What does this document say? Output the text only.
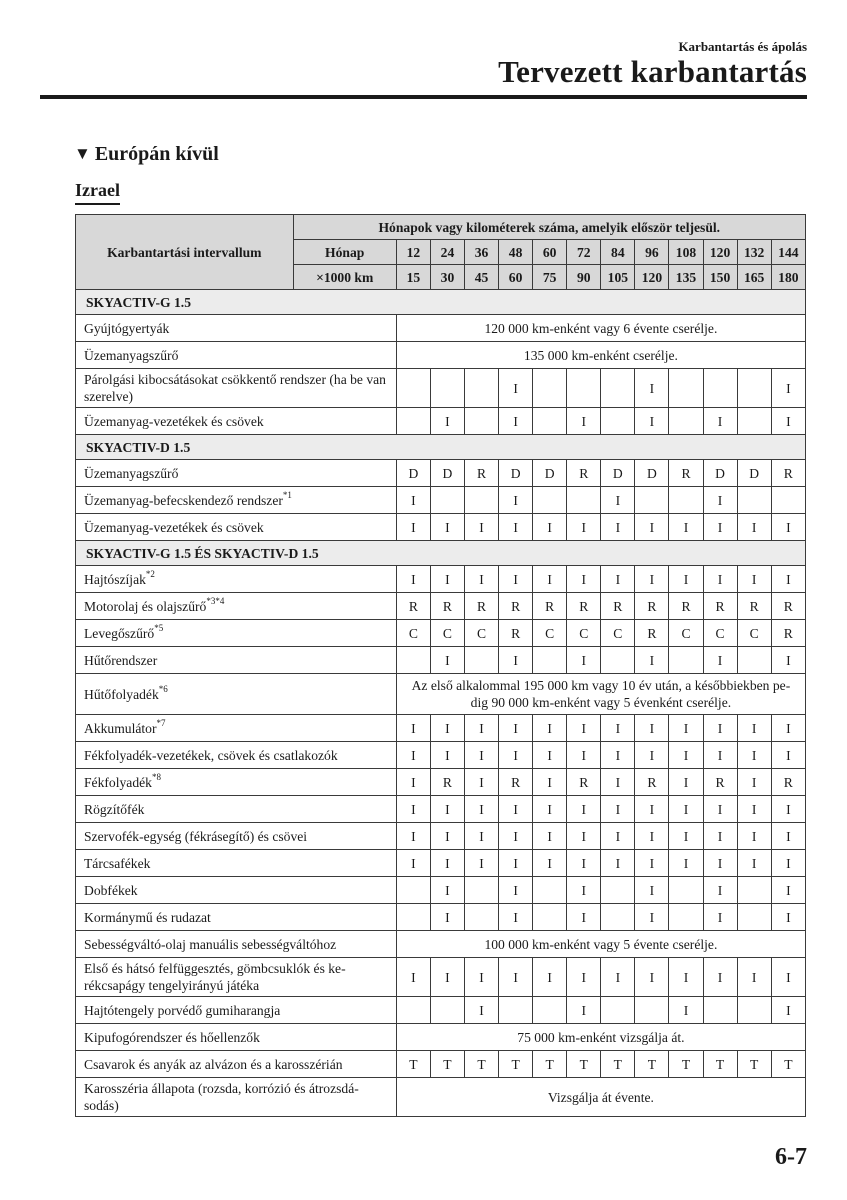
Karbantartás és ápolás
Tervezett karbantartás
▼ Európán kívül
Izrael
Karbantartási intervallum	Hónapok vagy kilométerek száma, amelyik először teljesül.												
	Hónap	12	24	36	48	60	72	84	96	108	120	132	144
	×1000 km	15	30	45	60	75	90	105	120	135	150	165	180
SKYACTIV-G 1.5													
Gyújtógyertyák		120 000 km-enként vagy 6 évente cserélje.											
Üzemanyagszűrő		135 000 km-enként cserélje.											
Párolgási kibocsátásokat csökkentő rendszer (ha be van szerelve)					I				I				I
Üzemanyag-vezetékek és csövek			I		I		I		I		I		I
SKYACTIV-D 1.5													
Üzemanyagszűrő		D	D	R	D	D	R	D	D	R	D	D	R
Üzemanyag-befecskendező rendszer$^{*1}$		I			I			I			I		
Üzemanyag-vezetékek és csövek		I	I	I	I	I	I	I	I	I	I	I	I
SKYACTIV-G 1.5 ÉS SKYACTIV-D 1.5													
Hajtószíjak$^{*2}$		I	I	I	I	I	I	I	I	I	I	I	I
Motorolaj és olajszűrő$^{*3*4}$		R	R	R	R	R	R	R	R	R	R	R	R
Levegőszűrő$^{*5}$		C	C	C	R	C	C	C	R	C	C	C	R
Hűtőrendszer			I		I		I		I		I		I
Hűtőfolyadék$^{*6}$		Az első alkalommal 195 000 km vagy 10 év után, a későbbiekben pe- dig 90 000 km-enként vagy 5 évenként cserélje.											
Akkumulátor$^{*7}$		I	I	I	I	I	I	I	I	I	I	I	I
Fékfolyadék-vezetékek, csövek és csatlakozók		I	I	I	I	I	I	I	I	I	I	I	I
Fékfolyadék$^{*8}$		I	R	I	R	I	R	I	R	I	R	I	R
Rögzítőfék		I	I	I	I	I	I	I	I	I	I	I	I
Szervofék-egység (fékrásegítő) és csövei		I	I	I	I	I	I	I	I	I	I	I	I
Tárcsafékek		I	I	I	I	I	I	I	I	I	I	I	I
Dobfékek			I		I		I		I		I		I
Kormánymű és rudazat			I		I		I		I		I		I
Sebességváltó-olaj manuális sebességváltóhoz		100 000 km-enként vagy 5 évente cserélje.											
Első és hátsó felfüggesztés, gömbcsuklók és ke- rékcsapágy tengelyirányú játéka		I	I	I	I	I	I	I	I	I	I	I	I
Hajtótengely porvédő gumiharangja				I			I			I			I
Kipufogórendszer és hőellenzők		75 000 km-enként vizsgálja át.											
Csavarok és anyák az alvázon és a karosszérián		T	T	T	T	T	T	T	T	T	T	T	T
Karosszéria állapota (rozsda, korrózió és átrozsdá- sodás)		Vizsgálja át évente.											
6-7
